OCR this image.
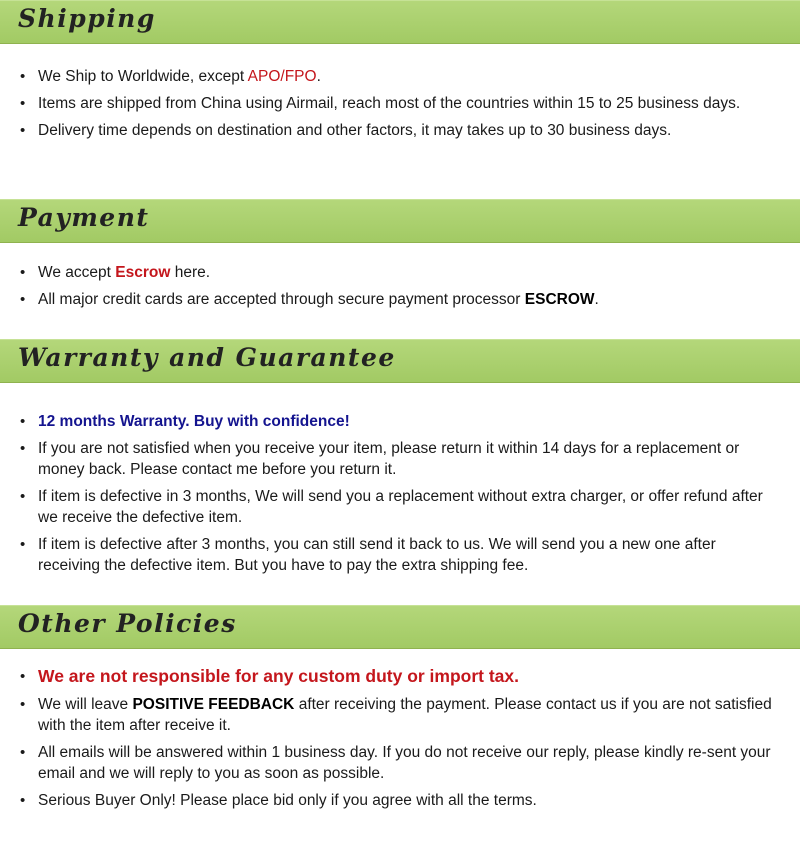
Shipping
• We Ship to Worldwide, except APO/FPO.
• Items are shipped from China using Airmail, reach most of the countries within 15 to 25 business days.
• Delivery time depends on destination and other factors, it may takes up to 30 business days.
Payment
• We accept Escrow here.
• All major credit cards are accepted through secure payment processor ESCROW.
Warranty and Guarantee
• 12 months Warranty. Buy with confidence!
• If you are not satisfied when you receive your item, please return it within 14 days for a replacement or money back. Please contact me before you return it.
• If item is defective in 3 months, We will send you a replacement without extra charger, or offer refund after we receive the defective item.
• If item is defective after 3 months, you can still send it back to us. We will send you a new one after receiving the defective item. But you have to pay the extra shipping fee.
Other Policies
• We are not responsible for any custom duty or import tax.
• We will leave POSITIVE FEEDBACK after receiving the payment. Please contact us if you are not satisfied with the item after receive it.
• All emails will be answered within 1 business day. If you do not receive our reply, please kindly re-sent your email and we will reply to you as soon as possible.
• Serious Buyer Only! Please place bid only if you agree with all the terms.
